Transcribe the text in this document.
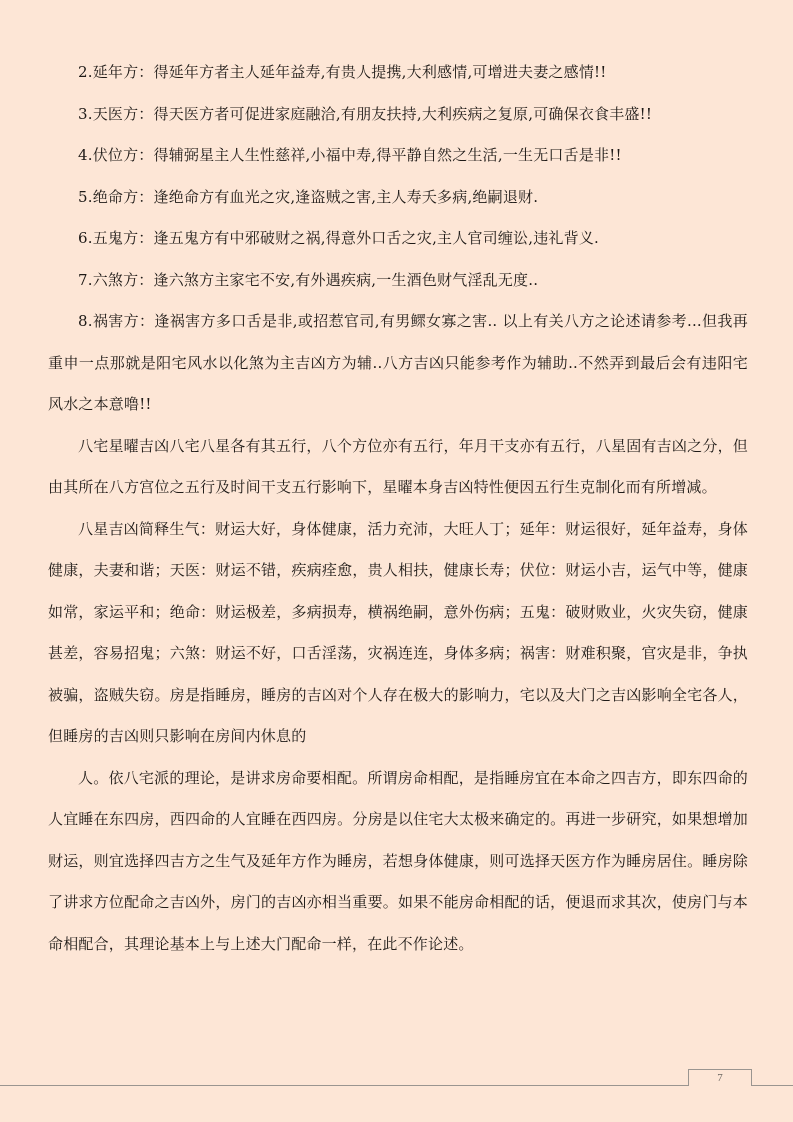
2.延年方：得延年方者主人延年益寿,有贵人提携,大利感情,可增进夫妻之感情!!

3.天医方：得天医方者可促进家庭融洽,有朋友扶持,大利疾病之复原,可确保衣食丰盛!!

4.伏位方：得辅弼星主人生性慈祥,小福中寿,得平静自然之生活,一生无口舌是非!!

5.绝命方：逢绝命方有血光之灾,逢盗贼之害,主人寿夭多病,绝嗣退财.

6.五鬼方：逢五鬼方有中邪破财之祸,得意外口舌之灾,主人官司缠讼,违礼背义.

7.六煞方：逢六煞方主家宅不安,有外遇疾病,一生酒色财气淫乱无度..

8.祸害方：逢祸害方多口舌是非,或招惹官司,有男鳏女寡之害.. 以上有关八方之论述请参考...但我再重申一点那就是阳宅风水以化煞为主吉凶方为辅..八方吉凶只能参考作为辅助..不然弄到最后会有违阳宅风水之本意噜!!

八宅星曜吉凶八宅八星各有其五行，八个方位亦有五行，年月干支亦有五行，八星固有吉凶之分，但由其所在八方宫位之五行及时间干支五行影响下，星曜本身吉凶特性便因五行生克制化而有所增减。

八星吉凶简释生气：财运大好，身体健康，活力充沛，大旺人丁；延年：财运很好，延年益寿，身体健康，夫妻和谐；天医：财运不错，疾病痊愈，贵人相扶，健康长寿；伏位：财运小吉，运气中等，健康如常，家运平和；绝命：财运极差，多病损寿，横祸绝嗣，意外伤病；五鬼：破财败业，火灾失窃，健康甚差，容易招鬼；六煞：财运不好，口舌淫荡，灾祸连连，身体多病；祸害：财难积聚，官灾是非，争执被骗，盗贼失窃。房是指睡房，睡房的吉凶对个人存在极大的影响力，宅以及大门之吉凶影响全宅各人，但睡房的吉凶则只影响在房间内休息的

人。依八宅派的理论，是讲求房命要相配。所谓房命相配，是指睡房宜在本命之四吉方，即东四命的人宜睡在东四房，西四命的人宜睡在西四房。分房是以住宅大太极来确定的。再进一步研究，如果想增加财运，则宜选择四吉方之生气及延年方作为睡房，若想身体健康，则可选择天医方作为睡房居住。睡房除了讲求方位配命之吉凶外，房门的吉凶亦相当重要。如果不能房命相配的话，便退而求其次，使房门与本命相配合，其理论基本上与上述大门配命一样，在此不作论述。

7
